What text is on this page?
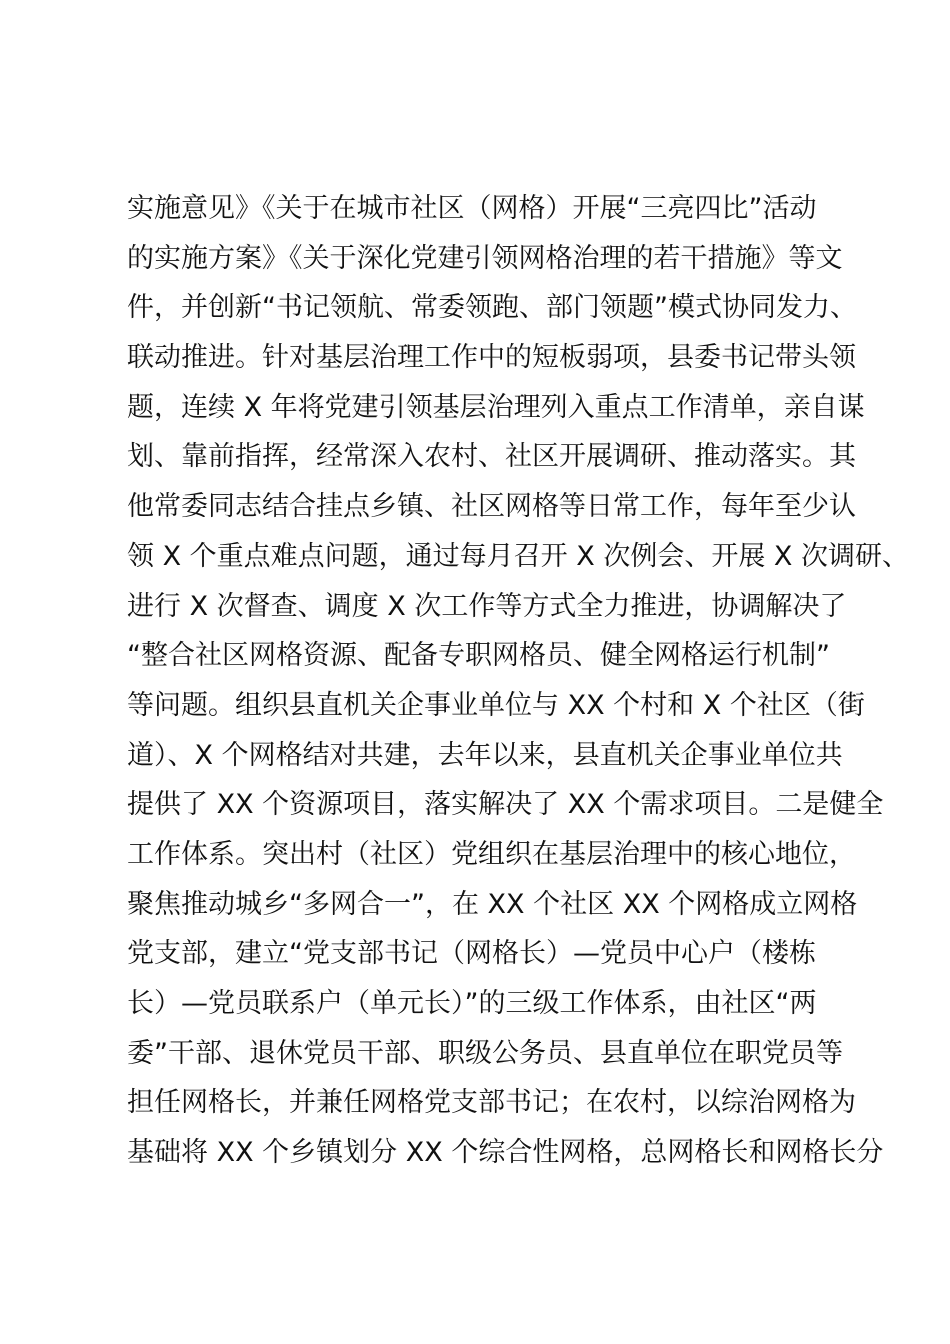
实施意见》《关于在城市社区（网格）开展“三亮四比”活动
的实施方案》《关于深化党建引领网格治理的若干措施》等文
件，并创新“书记领航、常委领跑、部门领题”模式协同发力、
联动推进。针对基层治理工作中的短板弱项，县委书记带头领
题，连续 X 年将党建引领基层治理列入重点工作清单，亲自谋
划、靠前指挥，经常深入农村、社区开展调研、推动落实。其
他常委同志结合挂点乡镇、社区网格等日常工作，每年至少认
领 X 个重点难点问题，通过每月召开 X 次例会、开展 X 次调研、
进行 X 次督查、调度 X 次工作等方式全力推进，协调解决了
“整合社区网格资源、配备专职网格员、健全网格运行机制”
等问题。组织县直机关企事业单位与 XX 个村和 X 个社区（街
道）、X 个网格结对共建，去年以来，县直机关企事业单位共
提供了 XX 个资源项目，落实解决了 XX 个需求项目。二是健全
工作体系。突出村（社区）党组织在基层治理中的核心地位，
聚焦推动城乡“多网合一”，在 XX 个社区 XX 个网格成立网格
党支部，建立“党支部书记（网格长）—党员中心户（楼栋
长）—党员联系户（单元长）”的三级工作体系，由社区“两
委”干部、退休党员干部、职级公务员、县直单位在职党员等
担任网格长，并兼任网格党支部书记；在农村，以综治网格为
基础将 XX 个乡镇划分 XX 个综合性网格，总网格长和网格长分
